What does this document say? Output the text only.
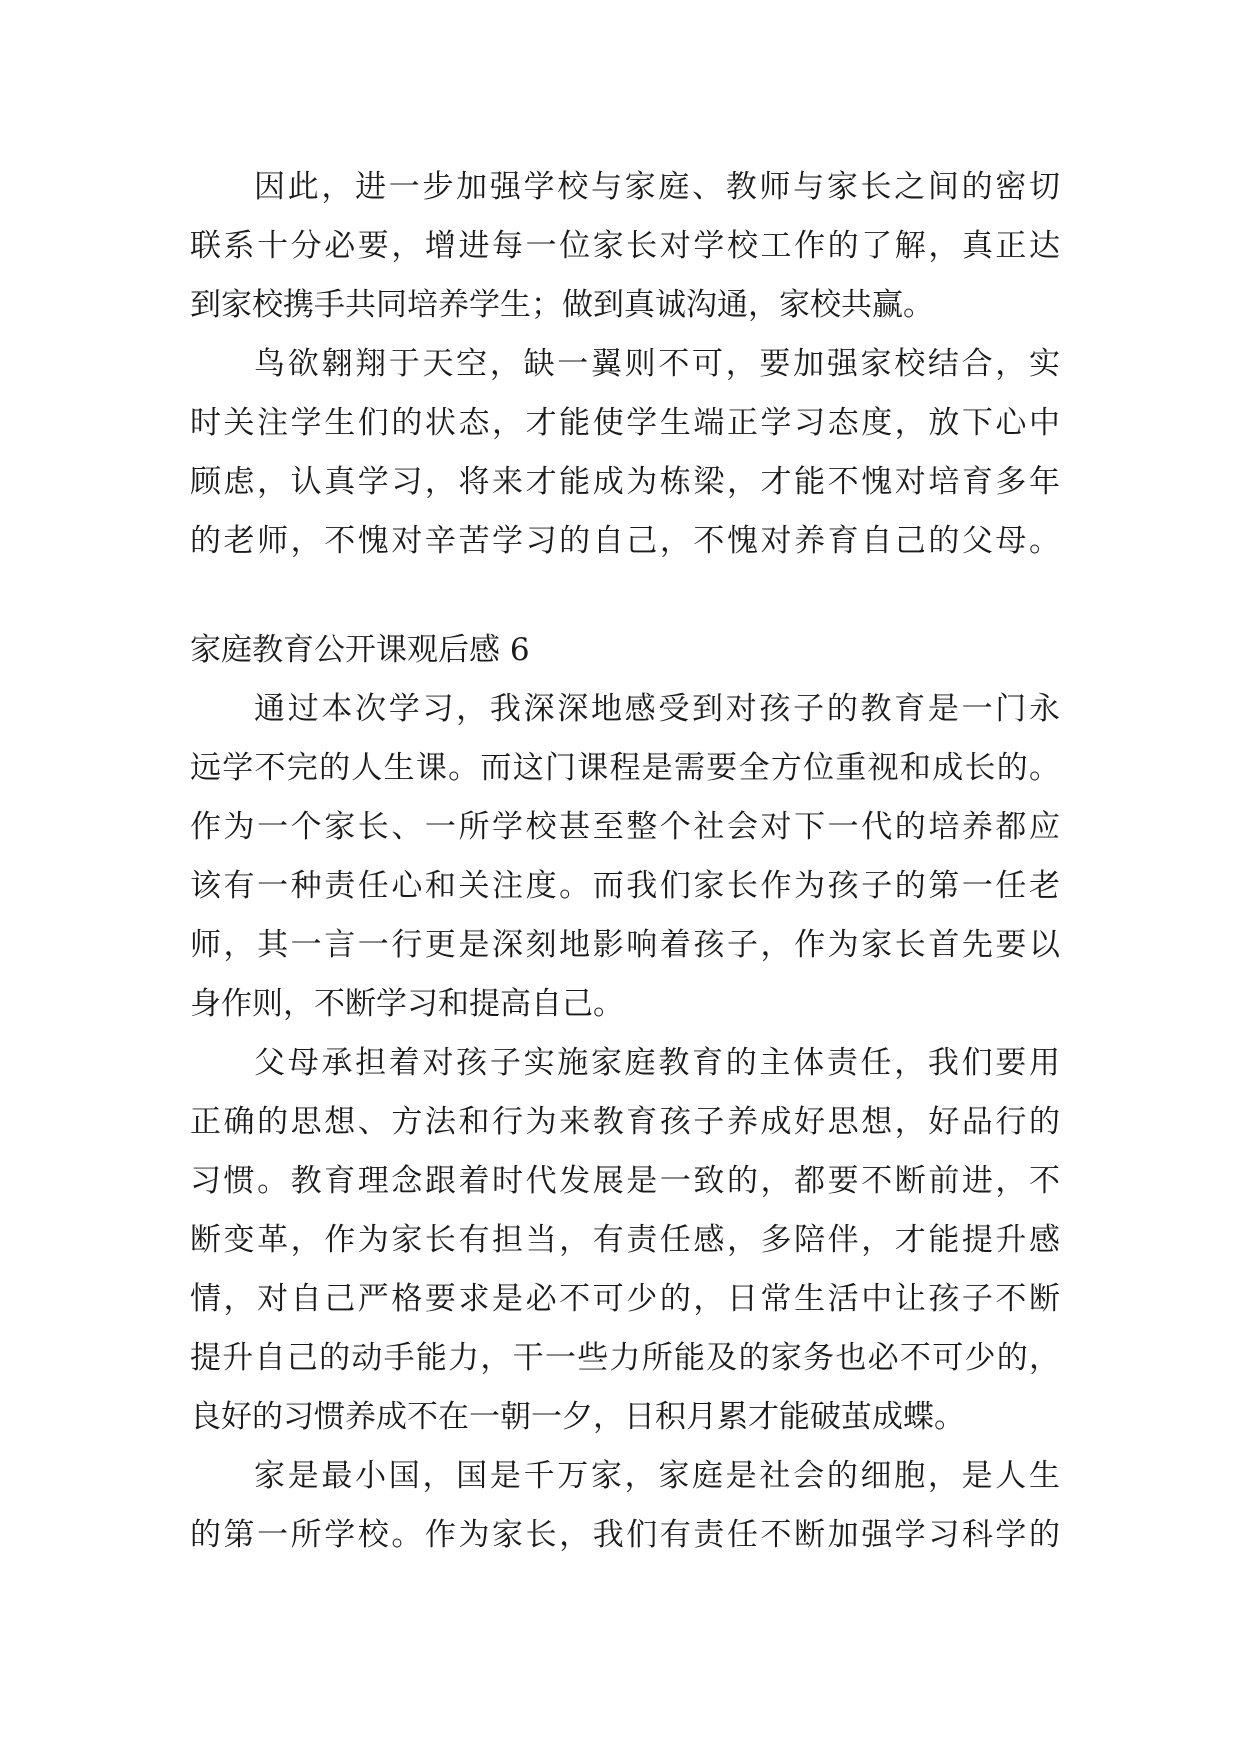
因此，进一步加强学校与家庭、教师与家长之间的密切
联系十分必要，增进每一位家长对学校工作的了解，真正达
到家校携手共同培养学生；做到真诚沟通，家校共赢。
鸟欲翱翔于天空，缺一翼则不可，要加强家校结合，实
时关注学生们的状态，才能使学生端正学习态度，放下心中
顾虑，认真学习，将来才能成为栋梁，才能不愧对培育多年
的老师，不愧对辛苦学习的自己，不愧对养育自己的父母。
家庭教育公开课观后感 6
通过本次学习，我深深地感受到对孩子的教育是一门永
远学不完的人生课。而这门课程是需要全方位重视和成长的。
作为一个家长、一所学校甚至整个社会对下一代的培养都应
该有一种责任心和关注度。而我们家长作为孩子的第一任老
师，其一言一行更是深刻地影响着孩子，作为家长首先要以
身作则，不断学习和提高自己。
父母承担着对孩子实施家庭教育的主体责任，我们要用
正确的思想、方法和行为来教育孩子养成好思想，好品行的
习惯。教育理念跟着时代发展是一致的，都要不断前进，不
断变革，作为家长有担当，有责任感，多陪伴，才能提升感
情，对自己严格要求是必不可少的，日常生活中让孩子不断
提升自己的动手能力，干一些力所能及的家务也必不可少的，
良好的习惯养成不在一朝一夕，日积月累才能破茧成蝶。
家是最小国，国是千万家，家庭是社会的细胞，是人生
的第一所学校。作为家长，我们有责任不断加强学习科学的
